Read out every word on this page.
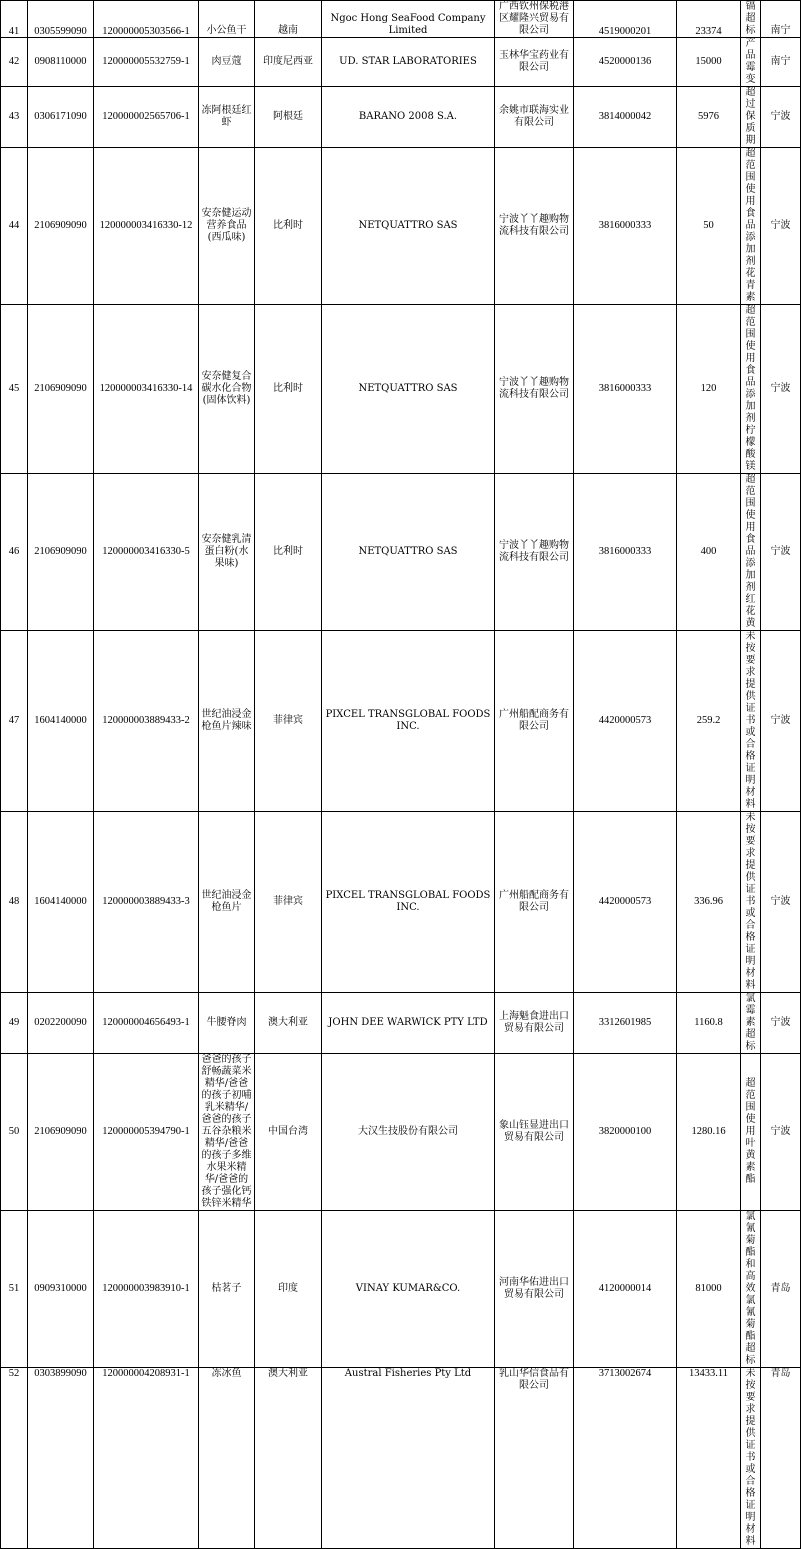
41	0305599090	120000005303566-1	小公鱼干	越南	Ngoc Hong SeaFood Company Limited	广西钦州保税港区耀隆兴贸易有限公司	4519000201	23374	镉超标	南宁
42	0908110000	120000005532759-1	肉豆蔻	印度尼西亚	UD. STAR LABORATORIES	玉林华宝药业有限公司	4520000136	15000	产品霉变	南宁
43	0306171090	120000002565706-1	冻阿根廷红虾	阿根廷	BARANO 2008 S.A.	余姚市联海实业有限公司	3814000042	5976	超过保质期	宁波
44	2106909090	120000003416330-12	安奈健运动营养食品(西瓜味)	比利时	NETQUATTRO SAS	宁波丫丫趣购物流科技有限公司	3816000333	50	超范围使用食品添加剂花青素	宁波
45	2106909090	120000003416330-14	安奈健复合碳水化合物(固体饮料)	比利时	NETQUATTRO SAS	宁波丫丫趣购物流科技有限公司	3816000333	120	超范围使用食品添加剂柠檬酸镁	宁波
46	2106909090	120000003416330-5	安奈健乳清蛋白粉(水果味)	比利时	NETQUATTRO SAS	宁波丫丫趣购物流科技有限公司	3816000333	400	超范围使用食品添加剂红花黄	宁波
47	1604140000	120000003889433-2	世纪油浸金枪鱼片辣味	菲律宾	PIXCEL TRANSGLOBAL FOODS INC.	广州船配商务有限公司	4420000573	259.2	未按要求提供证书或合格证明材料	宁波
48	1604140000	120000003889433-3	世纪油浸金枪鱼片	菲律宾	PIXCEL TRANSGLOBAL FOODS INC.	广州船配商务有限公司	4420000573	336.96	未按要求提供证书或合格证明材料	宁波
49	0202200090	120000004656493-1	牛腰脊肉	澳大利亚	JOHN DEE WARWICK PTY LTD	上海魁食进出口贸易有限公司	3312601985	1160.8	氯霉素超标	宁波
50	2106909090	120000005394790-1	爸爸的孩子舒畅蔬菜米精华/爸爸的孩子初哺乳米精华/爸爸的孩子五谷杂粮米精华/爸爸的孩子多维水果米精华/爸爸的孩子强化钙铁锌米精华	中国台湾	大汉生技股份有限公司	象山钰显进出口贸易有限公司	3820000100	1280.16	超范围使用叶黄素酯	宁波
51	0909310000	120000003983910-1	枯茗子	印度	VINAY KUMAR&CO.	河南华佑进出口贸易有限公司	4120000014	81000	氯氰菊酯和高效氯氰菊酯超标	青岛
52	0303899090	120000004208931-1	冻冰鱼	澳大利亚	Austral Fisheries Pty Ltd	乳山华信食品有限公司	3713002674	13433.11	未按要求提供证书或合格证明材料	青岛
